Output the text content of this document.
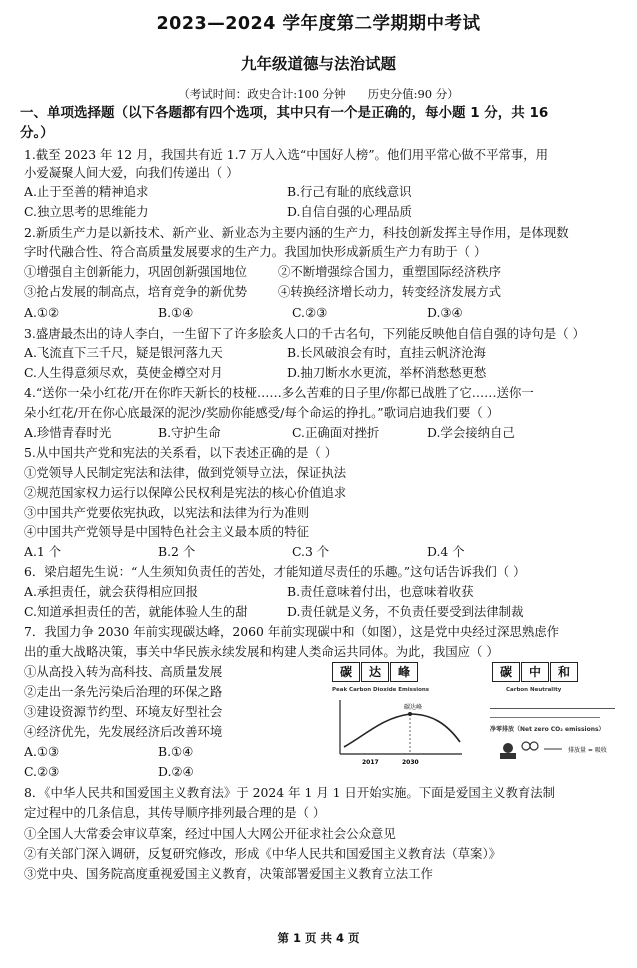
2023—2024 学年度第二学期期中考试
九年级道德与法治试题
（考试时间：政史合计:100 分钟      历史分值:90 分）
一、单项选择题（以下各题都有四个选项，其中只有一个是正确的，每小题 1 分，共 16
分。）
1.截至 2023 年 12 月，我国共有近 1.7 万人入选“中国好人榜”。他们用平常心做不平常事，用
小爱凝聚人间大爱，向我们传递出（ ）
A.止于至善的精神追求	B.行己有耻的底线意识
C.独立思考的思维能力	D.自信自强的心理品质
2.新质生产力是以新技术、新产业、新业态为主要内涵的生产力，科技创新发挥主导作用，是体现数
字时代融合性、符合高质量发展要求的生产力。我国加快形成新质生产力有助于（ ）
①增强自主创新能力，巩固创新强国地位 ②不断增强综合国力，重塑国际经济秩序
③抢占发展的制高点，培育竞争的新优势 ④转换经济增长动力，转变经济发展方式
A.①②	B.①④	C.②③	D.③④
3.盛唐最杰出的诗人李白，一生留下了许多脍炙人口的千古名句，下列能反映他自信自强的诗句是（ ）
A.飞流直下三千尺，疑是银河落九天	B.长风破浪会有时，直挂云帆济沧海
C.人生得意须尽欢，莫使金樽空对月	D.抽刀断水水更流，举杯消愁愁更愁
4.“送你一朵小红花/开在你昨天新长的枝桠……多么苦难的日子里/你都已战胜了它……送你一
朵小红花/开在你心底最深的泥沙/奖励你能感受/每个命运的挣扎。”歌词启迪我们要（ ）
A.珍惜青春时光	B.守护生命	C.正确面对挫折	D.学会接纳自己
5.从中国共产党和宪法的关系看，以下表述正确的是（ ）
①党领导人民制定宪法和法律，做到党领导立法，保证执法
②规范国家权力运行以保障公民权利是宪法的核心价值追求
③中国共产党要依宪执政，以宪法和法律为行为准则
④中国共产党领导是中国特色社会主义最本质的特征
A.1 个	B.2 个	C.3 个	D.4 个
6．梁启超先生说：“人生须知负责任的苦处，才能知道尽责任的乐趣。”这句话告诉我们（ ）
A.承担责任，就会获得相应回报	B.责任意味着付出，也意味着收获
C.知道承担责任的苦，就能体验人生的甜	D.责任就是义务，不负责任要受到法律制裁
7．我国力争 2030 年前实现碳达峰，2060 年前实现碳中和（如图），这是党中央经过深思熟虑作
出的重大战略决策，事关中华民族永续发展和构建人类命运共同体。为此，我国应（ ）
①从高投入转为高科技、高质量发展
②走出一条先污染后治理的环保之路
③建设资源节约型、环境友好型社会
④经济优先，先发展经济后改善环境
A.①③	B.①④
C.②③	D.②④
碳	达	峰
Peak Carbon Dioxide Emissions
碳达峰
2017	2030
碳	中	和
Carbon Neutrality
净零排放（Net zero CO₂ emissions）
排放量 = 吸收
8．《中华人民共和国爱国主义教育法》于 2024 年 1 月 1 日开始实施。下面是爱国主义教育法制
定过程中的几条信息，其传导顺序排列最合理的是（ ）
①全国人大常委会审议草案，经过中国人大网公开征求社会公众意见
②有关部门深入调研，反复研究修改，形成《中华人民共和国爱国主义教育法（草案）》
③党中央、国务院高度重视爱国主义教育，决策部署爱国主义教育立法工作
第 1 页 共 4 页
